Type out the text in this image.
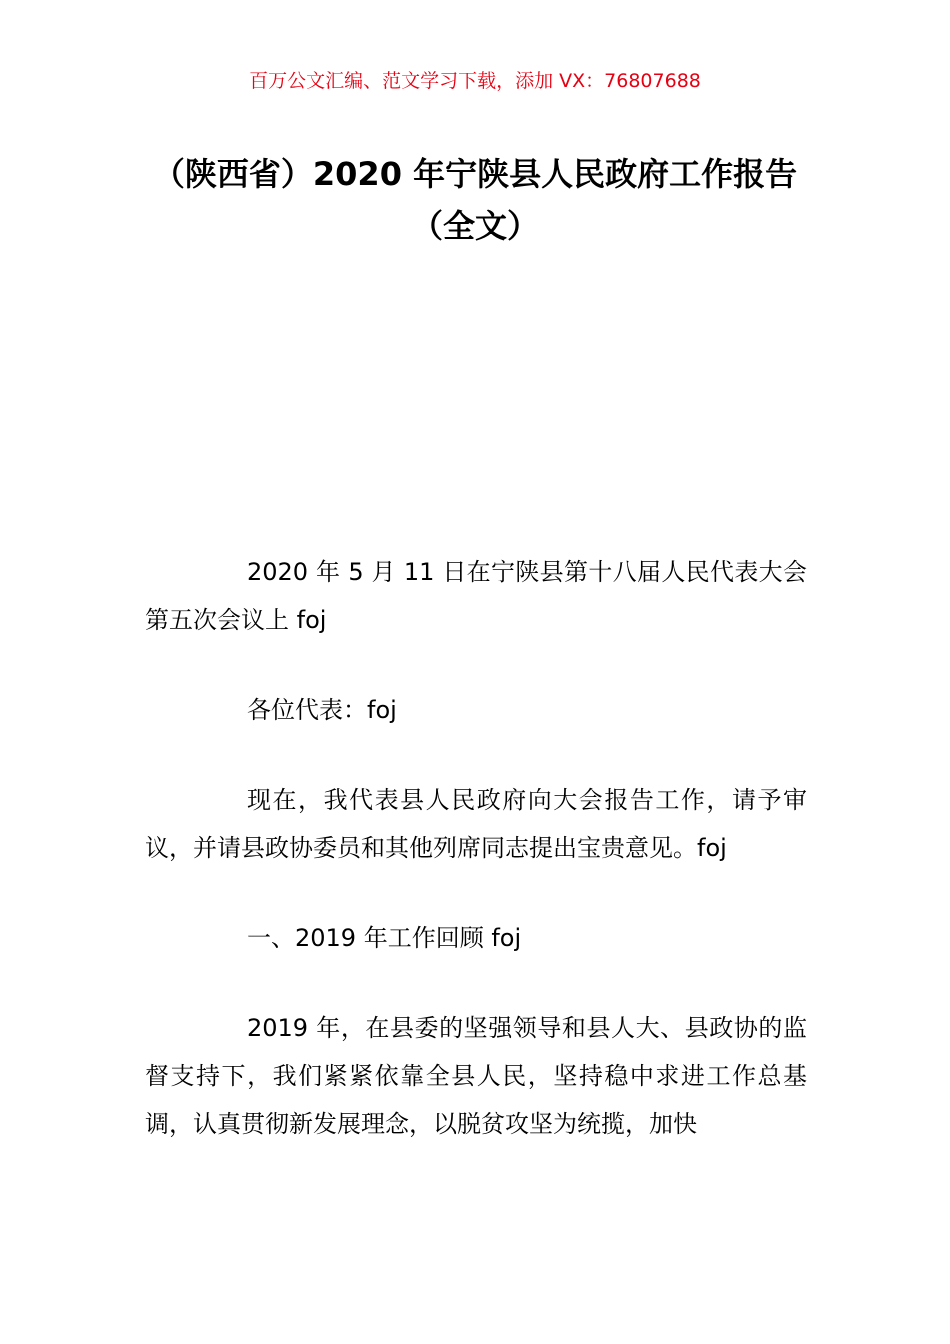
百万公文汇编、范文学习下载，添加 VX：76807688
（陕西省）2020 年宁陕县人民政府工作报告（全文）

2020 年 5 月 11 日在宁陕县第十八届人民代表大会第五次会议上 foj

各位代表：foj

现在，我代表县人民政府向大会报告工作，请予审议，并请县政协委员和其他列席同志提出宝贵意见。foj

一、2019 年工作回顾 foj

2019 年，在县委的坚强领导和县人大、县政协的监督支持下，我们紧紧依靠全县人民，坚持稳中求进工作总基调，认真贯彻新发展理念，以脱贫攻坚为统揽，加快
